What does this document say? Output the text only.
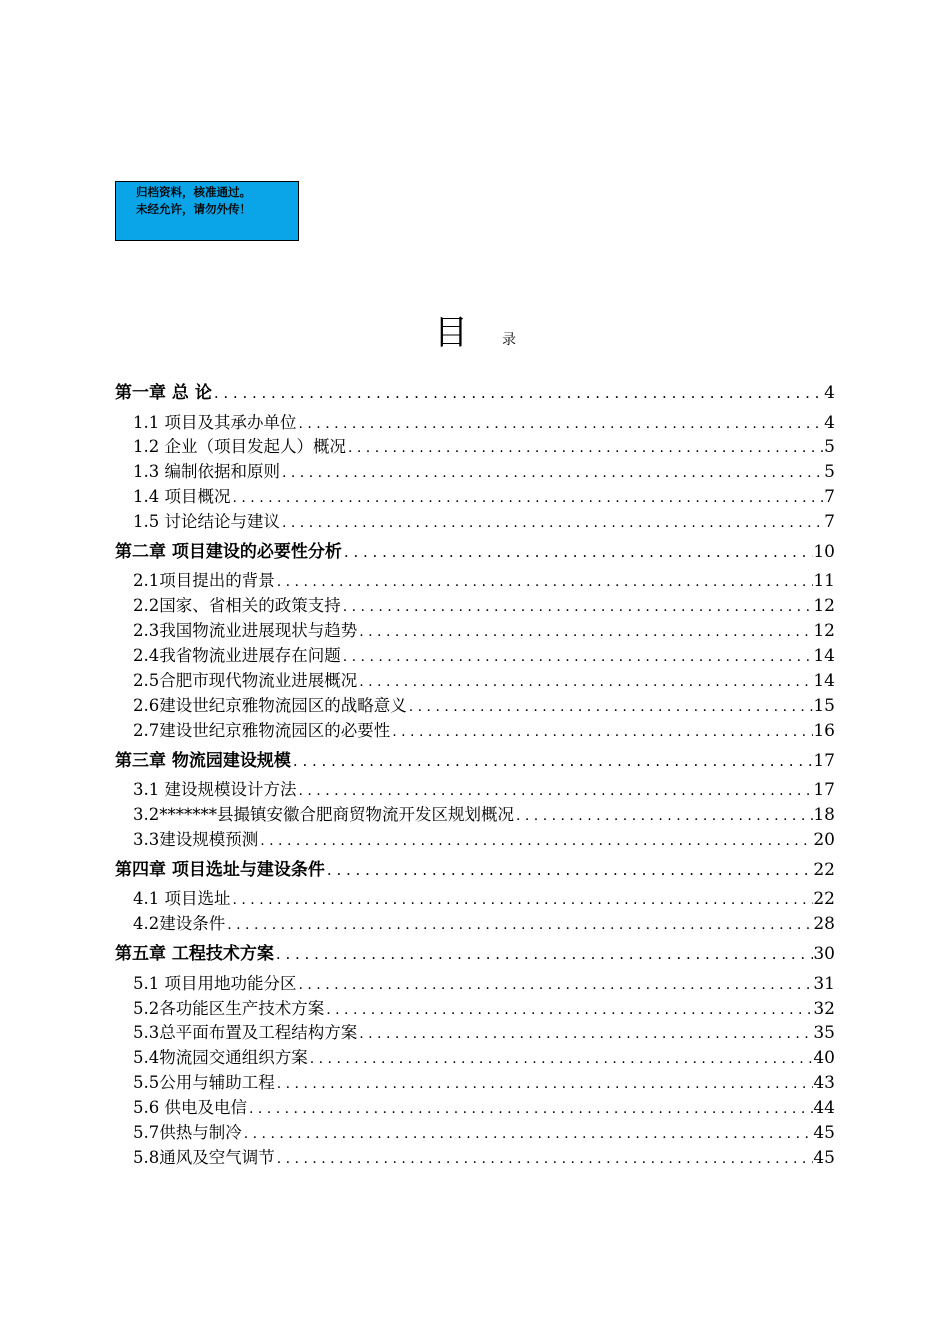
归档资料，核准通过。
未经允许，请勿外传！
目 录
第一章 总 论 . . .	4
1.1 项目及其承办单位 . . .	4
1.2 企业（项目发起人）概况 . . .	5
1.3 编制依据和原则 . . .	5
1.4 项目概况 . . .	7
1.5 讨论结论与建议 . . .	7
第二章 项目建设的必要性分析 . . .	10
2.1项目提出的背景 . . .	11
2.2国家、省相关的政策支持 . . .	12
2.3我国物流业进展现状与趋势 . . .	12
2.4我省物流业进展存在问题 . . .	14
2.5合肥市现代物流业进展概况 . . .	14
2.6建设世纪京雅物流园区的战略意义 . . .	15
2.7建设世纪京雅物流园区的必要性 . . .	16
第三章 物流园建设规模 . . .	17
3.1 建设规模设计方法 . . .	17
3.2*******县撮镇安徽合肥商贸物流开发区规划概况 . . .	18
3.3建设规模预测 . . .	20
第四章 项目选址与建设条件 . . .	22
4.1 项目选址 . . .	22
4.2建设条件 . . .	28
第五章 工程技术方案 . . .	30
5.1 项目用地功能分区 . . .	31
5.2各功能区生产技术方案 . . .	32
5.3总平面布置及工程结构方案 . . .	35
5.4物流园交通组织方案 . . .	40
5.5公用与辅助工程 . . .	43
5.6 供电及电信 . . .	44
5.7供热与制冷 . . .	45
5.8通风及空气调节 . . .	45
